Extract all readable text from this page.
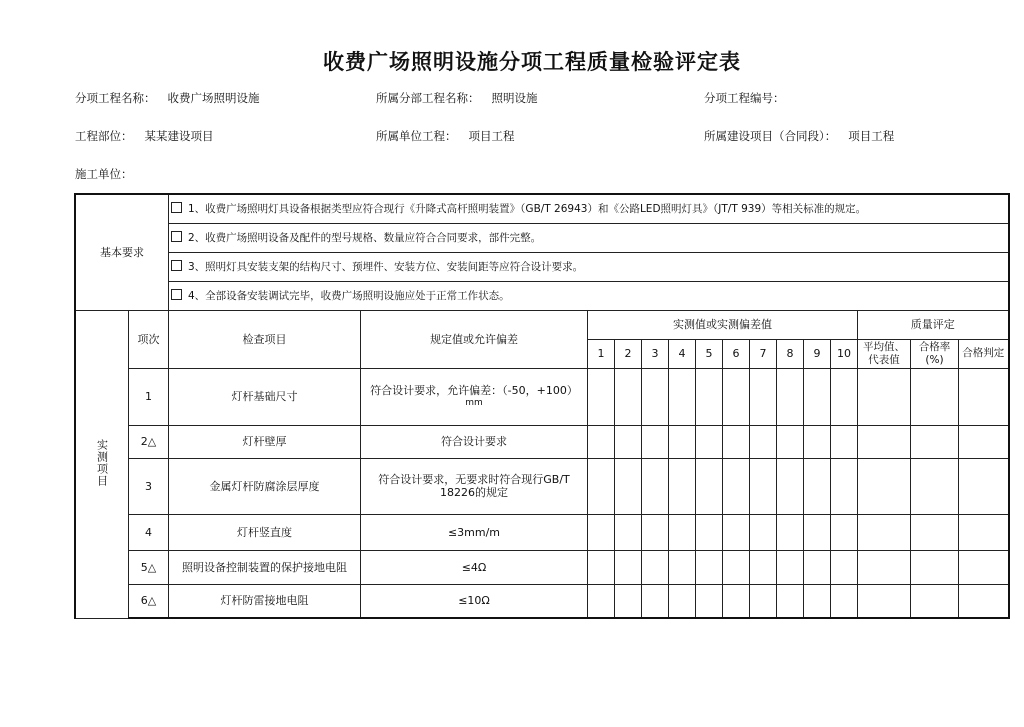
收费广场照明设施分项工程质量检验评定表
分项工程名称： 收费广场照明设施	所属分部工程名称： 照明设施	分项工程编号：
工程部位： 某某建设项目	所属单位工程： 项目工程	所属建设项目（合同段）： 项目工程
施工单位：
基本要求		1、收费广场照明灯具设备根据类型应符合现行《升降式高杆照明装置》（GB/T 26943）和《公路LED照明灯具》（JT/T 939）等相关标准的规定。														
		2、收费广场照明设备及配件的型号规格、数量应符合合同要求，部件完整。														
		3、照明灯具安装支架的结构尺寸、预埋件、安装方位、安装间距等应符合设计要求。														
		4、全部设备安装调试完毕，收费广场照明设施应处于正常工作状态。														
实测项目	项次	检查项目	规定值或允许偏差	实测值或实测偏差值										质量评定		
				1	2	3	4	5	6	7	8	9	10	平均值、代表值	合格率(%)	合格判定
	1	灯杆基础尺寸	符合设计要求，允许偏差：（-50，+100）
mm													

	2△	灯杆壁厚	符合设计要求													

	3	金属灯杆防腐涂层厚度	符合设计要求，无要求时符合现行GB/T
18226的规定													

	4	灯杆竖直度	≤3mm/m													

	5△	照明设备控制装置的保护接地电阻	≤4Ω													

	6△	灯杆防雷接地电阻	≤10Ω													
